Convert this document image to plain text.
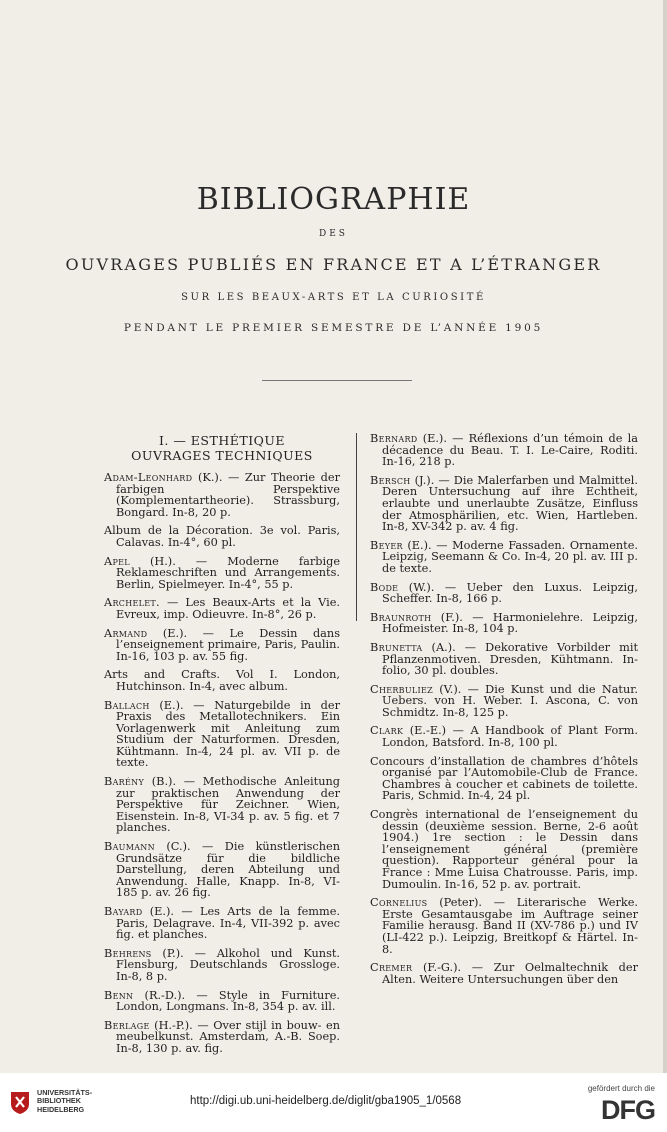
BIBLIOGRAPHIE
DES
OUVRAGES PUBLIÉS EN FRANCE ET A L’ÉTRANGER
SUR LES BEAUX-ARTS ET LA CURIOSITÉ
PENDANT LE PREMIER SEMESTRE DE L’ANNÉE 1905
I. — ESTHÉTIQUE
OUVRAGES TECHNIQUES
Adam-Leonhard (K.). — Zur Theorie der farbigen Perspektive (Komplementartheorie). Strassburg, Bongard. In-8, 20 p.
Album de la Décoration. 3e vol. Paris, Calavas. In-4°, 60 pl.
Apel (H.). — Moderne farbige Reklameschriften und Arrangements. Berlin, Spielmeyer. In-4°, 55 p.
Archelet. — Les Beaux-Arts et la Vie. Evreux, imp. Odieuvre. In-8°, 26 p.
Armand (E.). — Le Dessin dans l’enseignement primaire, Paris, Paulin. In-16, 103 p. av. 55 fig.
Arts and Crafts. Vol I. London, Hutchinson. In-4, avec album.
Ballach (E.). — Naturgebilde in der Praxis des Metallotechnikers. Ein Vorlagenwerk mit Anleitung zum Studium der Naturformen. Dresden, Kühtmann. In-4, 24 pl. av. VII p. de texte.
Barény (B.). — Methodische Anleitung zur praktischen Anwendung der Perspektive für Zeichner. Wien, Eisenstein. In-8, VI-34 p. av. 5 fig. et 7 planches.
Baumann (C.). — Die künstlerischen Grundsätze für die bildliche Darstellung, deren Abteilung und Anwendung. Halle, Knapp. In-8, VI-185 p. av. 26 fig.
Bayard (E.). — Les Arts de la femme. Paris, Delagrave. In-4, VII-392 p. avec fig. et planches.
Behrens (P.). — Alkohol und Kunst. Flensburg, Deutschlands Grossloge. In-8, 8 p.
Benn (R.-D.). — Style in Furniture. London, Longmans. In-8, 354 p. av. ill.
Berlage (H.-P.). — Over stijl in bouw- en meubelkunst. Amsterdam, A.-B. Soep. In-8, 130 p. av. fig.
Bernard (E.). — Réflexions d’un témoin de la décadence du Beau. T. I. Le-Caire, Roditi. In-16, 218 p.
Bersch (J.). — Die Malerfarben und Malmittel. Deren Untersuchung auf ihre Echtheit, erlaubte und unerlaubte Zusätze, Einfluss der Atmosphärilien, etc. Wien, Hartleben. In-8, XV-342 p. av. 4 fig.
Beyer (E.). — Moderne Fassaden. Ornamente. Leipzig, Seemann & Co. In-4, 20 pl. av. III p. de texte.
Bode (W.). — Ueber den Luxus. Leipzig, Scheffer. In-8, 166 p.
Braunroth (F.). — Harmonielehre. Leipzig, Hofmeister. In-8, 104 p.
Brunetta (A.). — Dekorative Vorbilder mit Pflanzenmotiven. Dresden, Kühtmann. In-folio, 30 pl. doubles.
Cherbuliez (V.). — Die Kunst und die Natur. Uebers. von H. Weber. I. Ascona, C. von Schmidtz. In-8, 125 p.
Clark (E.-E.) — A Handbook of Plant Form. London, Batsford. In-8, 100 pl.
Concours d’installation de chambres d’hôtels organisé par l’Automobile-Club de France. Chambres à coucher et cabinets de toilette. Paris, Schmid. In-4, 24 pl.
Congrès international de l’enseignement du dessin (deuxième session. Berne, 2-6 août 1904.) 1re section : le Dessin dans l’enseignement général (première question). Rapporteur général pour la France : Mme Luisa Chatrousse. Paris, imp. Dumoulin. In-16, 52 p. av. portrait.
Cornelius (Peter). — Literarische Werke. Erste Gesamtausgabe im Auftrage seiner Familie herausg. Band II (XV-786 p.) und IV (LI-422 p.). Leipzig, Breitkopf & Härtel. In-8.
Cremer (F.-G.). — Zur Oelmaltechnik der Alten. Weitere Untersuchungen über den
UNIVERSITÄTS-
BIBLIOTHEK
HEIDELBERG
http://digi.ub.uni-heidelberg.de/diglit/gba1905_1/0568
gefördert durch die
DFG
